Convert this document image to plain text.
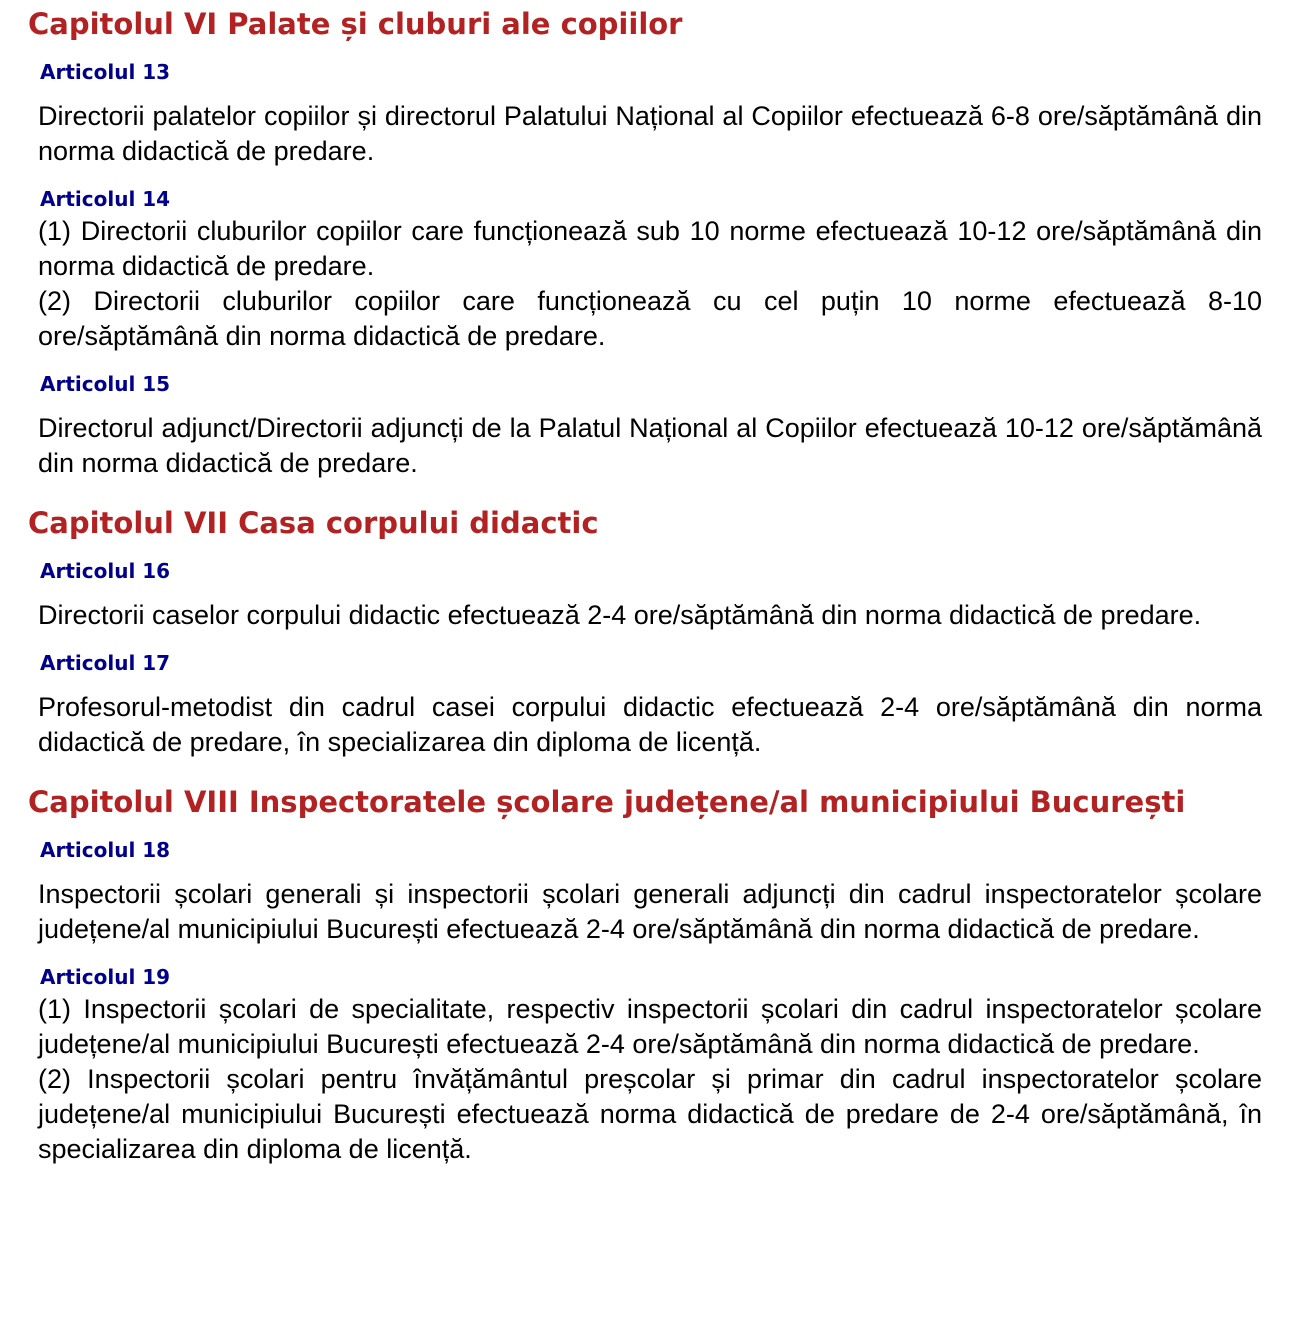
Capitolul VI Palate și cluburi ale copiilor
Articolul 13

Directorii palatelor copiilor și directorul Palatului Național al Copiilor efectuează 6-8 ore/săptămână din norma didactică de predare.

Articolul 14

(1) Directorii cluburilor copiilor care funcționează sub 10 norme efectuează 10-12 ore/săptămână din norma didactică de predare.

(2) Directorii cluburilor copiilor care funcționează cu cel puțin 10 norme efectuează 8-10 ore/săptămână din norma didactică de predare.

Articolul 15

Directorul adjunct/Directorii adjuncți de la Palatul Național al Copiilor efectuează 10-12 ore/săptămână din norma didactică de predare.

Capitolul VII Casa corpului didactic
Articolul 16

Directorii caselor corpului didactic efectuează 2-4 ore/săptămână din norma didactică de predare.

Articolul 17

Profesorul-metodist din cadrul casei corpului didactic efectuează 2-4 ore/săptămână din norma didactică de predare, în specializarea din diploma de licență.

Capitolul VIII Inspectoratele școlare județene/al municipiului București
Articolul 18

Inspectorii școlari generali și inspectorii școlari generali adjuncți din cadrul inspectoratelor școlare județene/al municipiului București efectuează 2-4 ore/săptămână din norma didactică de predare.

Articolul 19

(1) Inspectorii școlari de specialitate, respectiv inspectorii școlari din cadrul inspectoratelor școlare județene/al municipiului București efectuează 2-4 ore/săptămână din norma didactică de predare.

(2) Inspectorii școlari pentru învățământul preșcolar și primar din cadrul inspectoratelor școlare județene/al municipiului București efectuează norma didactică de predare de 2-4 ore/săptămână, în specializarea din diploma de licență.
